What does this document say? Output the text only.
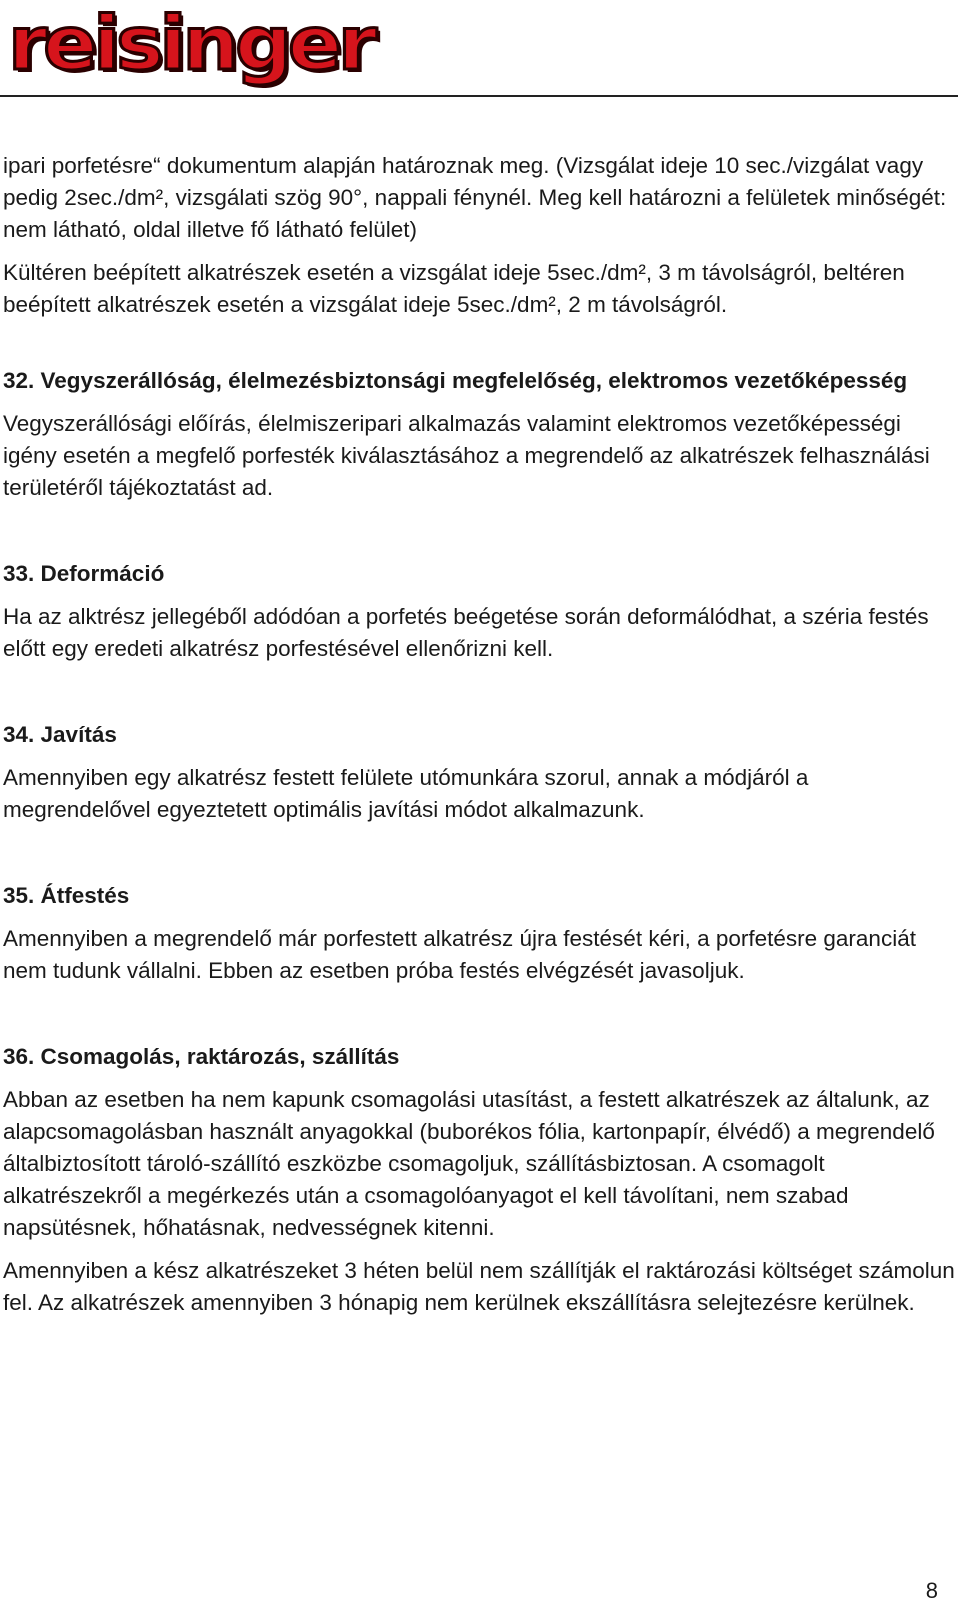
reisinger

ipari porfetésre“ dokumentum alapján határoznak meg. (Vizsgálat ideje 10 sec./vizgálat vagy pedig 2sec./dm², vizsgálati szög 90°, nappali fénynél. Meg kell határozni a felületek minőségét: nem látható, oldal illetve fő látható felület)

Kültéren beépített alkatrészek esetén a vizsgálat ideje 5sec./dm², 3 m távolságról, beltéren beépített alkatrészek esetén a vizsgálat ideje 5sec./dm², 2 m távolságról.

32. Vegyszerállóság, élelmezésbiztonsági megfelelőség, elektromos vezetőképesség

Vegyszerállósági előírás, élelmiszeripari alkalmazás valamint elektromos vezetőképességi igény esetén a megfelő porfesték kiválasztásához a megrendelő az alkatrészek felhasználási területéről tájékoztatást ad.

33. Deformáció

Ha az alktrész jellegéből adódóan a porfetés beégetése során deformálódhat, a széria festés előtt egy eredeti alkatrész porfestésével ellenőrizni kell.

34. Javítás

Amennyiben egy alkatrész festett felülete utómunkára szorul, annak a módjáról a megrendelővel egyeztetett optimális javítási módot alkalmazunk.

35. Átfestés

Amennyiben a megrendelő már porfestett alkatrész újra festését kéri, a porfetésre garanciát nem tudunk vállalni. Ebben az esetben próba festés elvégzését javasoljuk.

36. Csomagolás, raktározás, szállítás

Abban az esetben ha nem kapunk csomagolási utasítást, a festett alkatrészek az általunk, az alapcsomagolásban használt anyagokkal (buborékos fólia, kartonpapír, élvédő) a megrendelő általbiztosított tároló-szállító eszközbe csomagoljuk, szállításbiztosan. A csomagolt alkatrészekről a megérkezés után a csomagolóanyagot el kell távolítani, nem szabad napsütésnek, hőhatásnak, nedvességnek kitenni.

Amennyiben a kész alkatrészeket 3 héten belül nem szállítják el raktározási költséget számolun fel. Az alkatrészek amennyiben 3 hónapig nem kerülnek ekszállításra selejtezésre kerülnek.

8
